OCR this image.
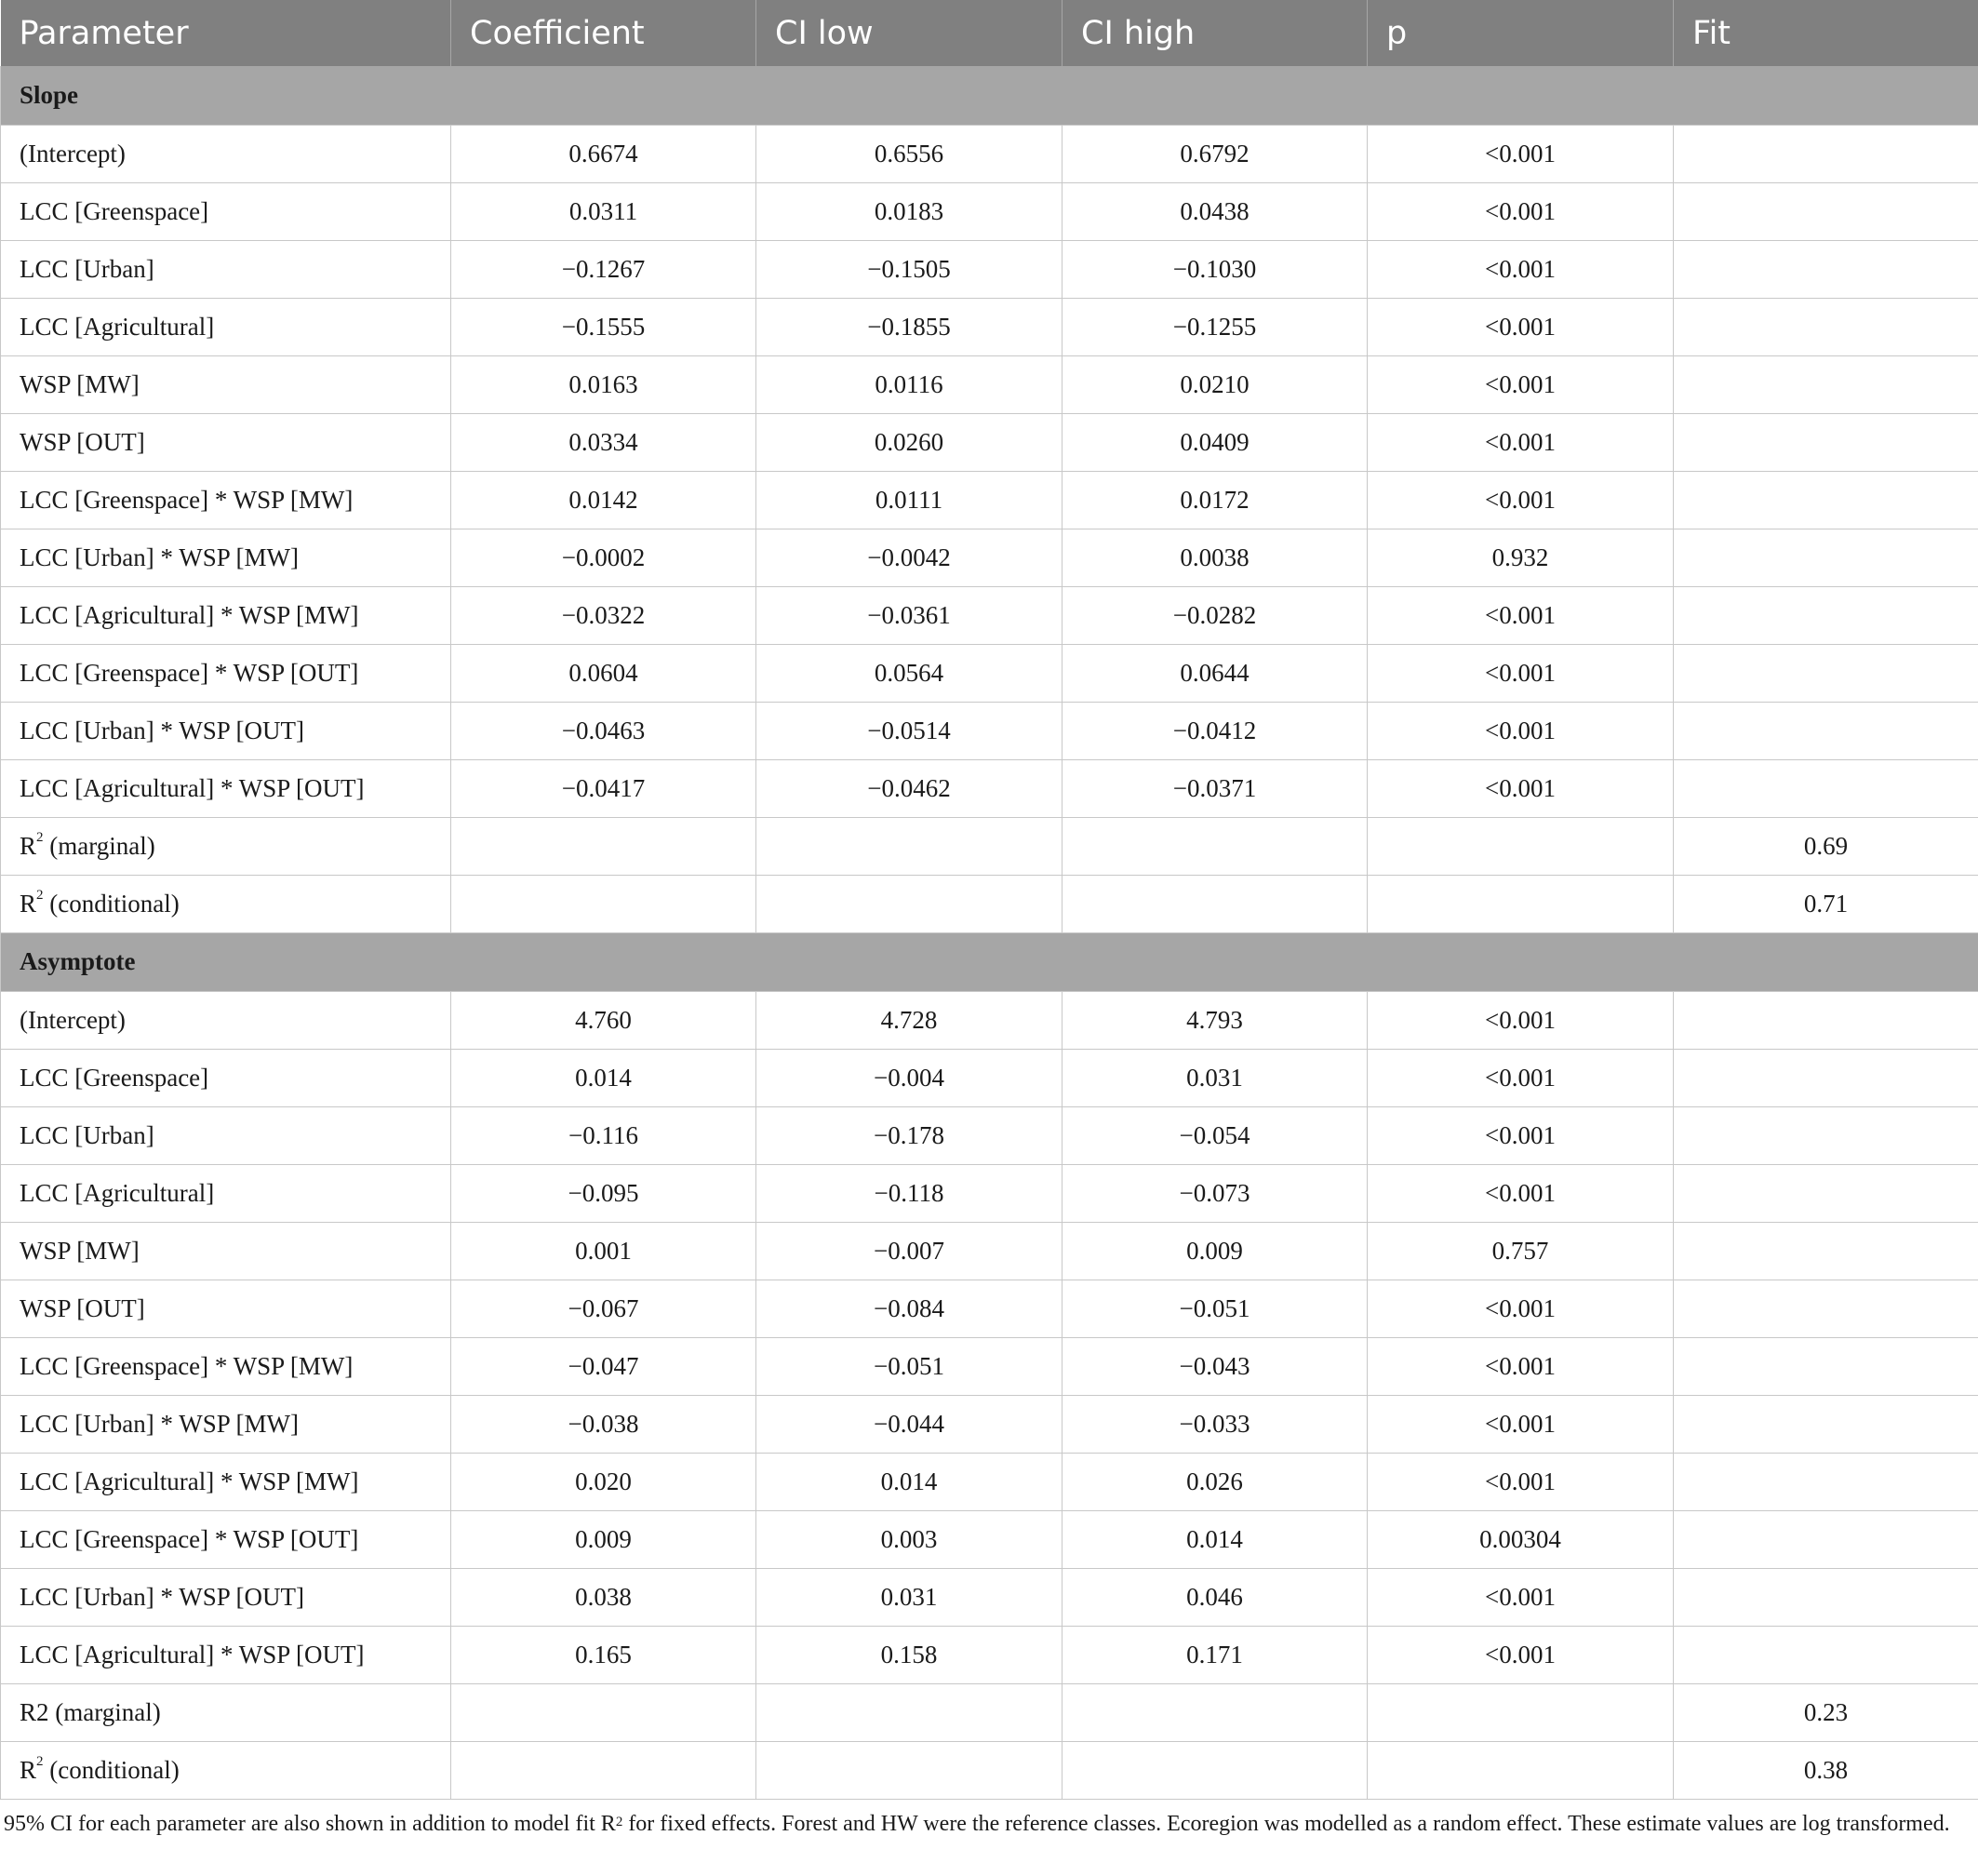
Parameter	Coefficient	CI low	CI high	p	Fit
Slope					
(Intercept)	0.6674	0.6556	0.6792	<0.001	
LCC [Greenspace]	0.0311	0.0183	0.0438	<0.001	
LCC [Urban]	−0.1267	−0.1505	−0.1030	<0.001	
LCC [Agricultural]	−0.1555	−0.1855	−0.1255	<0.001	
WSP [MW]	0.0163	0.0116	0.0210	<0.001	
WSP [OUT]	0.0334	0.0260	0.0409	<0.001	
LCC [Greenspace] * WSP [MW]	0.0142	0.0111	0.0172	<0.001	
LCC [Urban] * WSP [MW]	−0.0002	−0.0042	0.0038	0.932	
LCC [Agricultural] * WSP [MW]	−0.0322	−0.0361	−0.0282	<0.001	
LCC [Greenspace] * WSP [OUT]	0.0604	0.0564	0.0644	<0.001	
LCC [Urban] * WSP [OUT]	−0.0463	−0.0514	−0.0412	<0.001	
LCC [Agricultural] * WSP [OUT]	−0.0417	−0.0462	−0.0371	<0.001	
$R^2$ (marginal)					0.69
$R^2$ (conditional)					0.71
Asymptote					
(Intercept)	4.760	4.728	4.793	<0.001	
LCC [Greenspace]	0.014	−0.004	0.031	<0.001	
LCC [Urban]	−0.116	−0.178	−0.054	<0.001	
LCC [Agricultural]	−0.095	−0.118	−0.073	<0.001	
WSP [MW]	0.001	−0.007	0.009	0.757	
WSP [OUT]	−0.067	−0.084	−0.051	<0.001	
LCC [Greenspace] * WSP [MW]	−0.047	−0.051	−0.043	<0.001	
LCC [Urban] * WSP [MW]	−0.038	−0.044	−0.033	<0.001	
LCC [Agricultural] * WSP [MW]	0.020	0.014	0.026	<0.001	
LCC [Greenspace] * WSP [OUT]	0.009	0.003	0.014	0.00304	
LCC [Urban] * WSP [OUT]	0.038	0.031	0.046	<0.001	
LCC [Agricultural] * WSP [OUT]	0.165	0.158	0.171	<0.001	
R2 (marginal)					0.23
$R^2$ (conditional)					0.38
95% CI for each parameter are also shown in addition to model fit $R^2$ for fixed effects. Forest and HW were the reference classes. Ecoregion was modelled as a random effect. These estimate values are log transformed.
